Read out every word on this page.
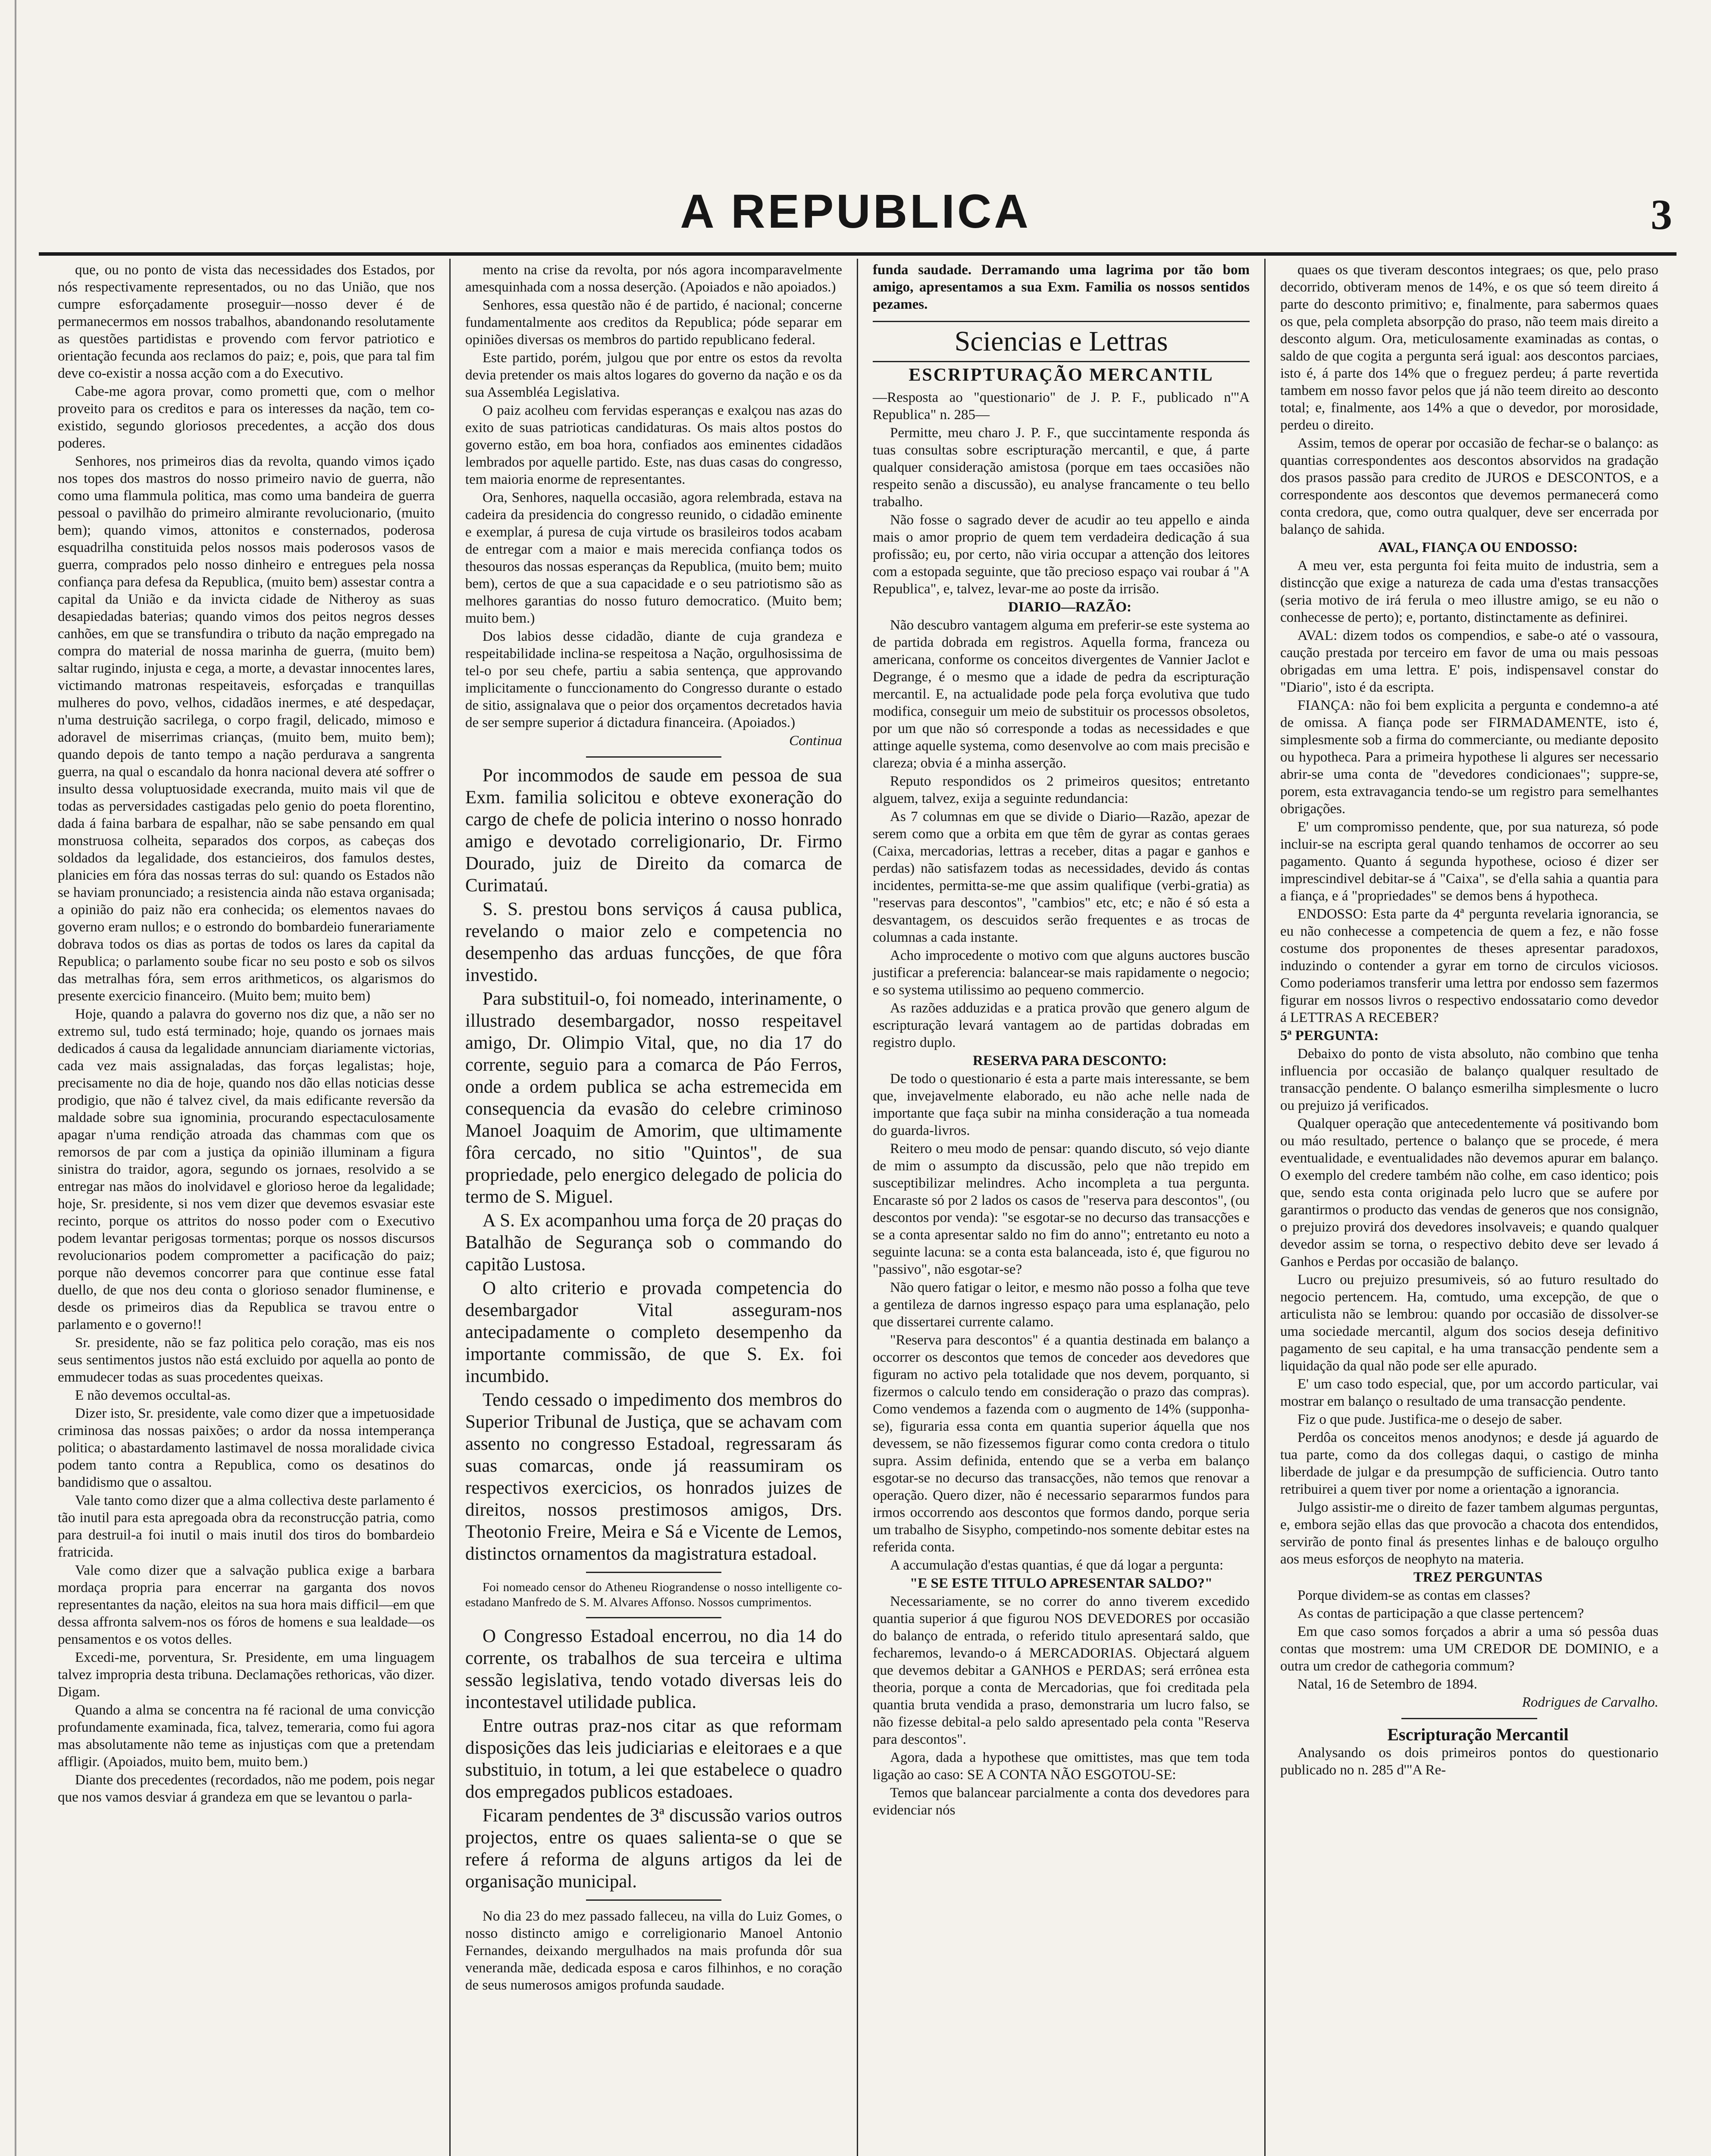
A REPUBLICA	3

que, ou no ponto de vista das necessidades dos Estados, por nós respectivamente representados, ou no das União, que nos cumpre esforçadamente proseguir—nosso dever é de permanecermos em nossos trabalhos, abandonando resolutamente as questões partidistas e provendo com fervor patriotico e orientação fecunda aos reclamos do paiz; e, pois, que para tal fim deve co-existir a nossa acção com a do Executivo.

Cabe-me agora provar, como prometti que, com o melhor proveito para os creditos e para os interesses da nação, tem co-existido, segundo gloriosos precedentes, a acção dos dous poderes.

Senhores, nos primeiros dias da revolta, quando vimos içado nos topes dos mastros do nosso primeiro navio de guerra, não como uma flammula politica, mas como uma bandeira de guerra pessoal o pavilhão do primeiro almirante revolucionario, (muito bem); quando vimos, attonitos e consternados, poderosa esquadrilha constituida pelos nossos mais poderosos vasos de guerra, comprados pelo nosso dinheiro e entregues pela nossa confiança para defesa da Republica, (muito bem) assestar contra a capital da União e da invicta cidade de Nitheroy as suas desapiedadas baterias; quando vimos dos peitos negros desses canhões, em que se transfundira o tributo da nação empregado na compra do material de nossa marinha de guerra, (muito bem) saltar rugindo, injusta e cega, a morte, a devastar innocentes lares, victimando matronas respeitaveis, esforçadas e tranquillas mulheres do povo, velhos, cidadãos inermes, e até despedaçar, n'uma destruição sacrilega, o corpo fragil, delicado, mimoso e adoravel de miserrimas crianças, (muito bem, muito bem); quando depois de tanto tempo a nação perdurava a sangrenta guerra, na qual o escandalo da honra nacional devera até soffrer o insulto dessa voluptuosidade execranda, muito mais vil que de todas as perversidades castigadas pelo genio do poeta florentino, dada á faina barbara de espalhar, não se sabe pensando em qual monstruosa colheita, separados dos corpos, as cabeças dos soldados da legalidade, dos estancieiros, dos famulos destes, planicies em fóra das nossas terras do sul: quando os Estados não se haviam pronunciado; a resistencia ainda não estava organisada; a opinião do paiz não era conhecida; os elementos navaes do governo eram nullos; e o estrondo do bombardeio funerariamente dobrava todos os dias as portas de todos os lares da capital da Republica; o parlamento soube ficar no seu posto e sob os silvos das metralhas fóra, sem erros arithmeticos, os algarismos do presente exercicio financeiro. (Muito bem; muito bem)

Hoje, quando a palavra do governo nos diz que, a não ser no extremo sul, tudo está terminado; hoje, quando os jornaes mais dedicados á causa da legalidade annunciam diariamente victorias, cada vez mais assignaladas, das forças legalistas; hoje, precisamente no dia de hoje, quando nos dão ellas noticias desse prodigio, que não é talvez civel, da mais edificante reversão da maldade sobre sua ignominia, procurando espectaculosamente apagar n'uma rendição atroada das chammas com que os remorsos de par com a justiça da opinião illuminam a figura sinistra do traidor, agora, segundo os jornaes, resolvido a se entregar nas mãos do inolvidavel e glorioso heroe da legalidade; hoje, Sr. presidente, si nos vem dizer que devemos esvasiar este recinto, porque os attritos do nosso poder com o Executivo podem levantar perigosas tormentas; porque os nossos discursos revolucionarios podem comprometter a pacificação do paiz; porque não devemos concorrer para que continue esse fatal duello, de que nos deu conta o glorioso senador fluminense, e desde os primeiros dias da Republica se travou entre o parlamento e o governo!!

Sr. presidente, não se faz politica pelo coração, mas eis nos seus sentimentos justos não está excluido por aquella ao ponto de emmudecer todas as suas procedentes queixas.

E não devemos occultal-as.

Dizer isto, Sr. presidente, vale como dizer que a impetuosidade criminosa das nossas paixões; o ardor da nossa intemperança politica; o abastardamento lastimavel de nossa moralidade civica podem tanto contra a Republica, como os desatinos do bandidismo que o assaltou.

Vale tanto como dizer que a alma collectiva deste parlamento é tão inutil para esta apregoada obra da reconstrucção patria, como para destruil-a foi inutil o mais inutil dos tiros do bombardeio fratricida.

Vale como dizer que a salvação publica exige a barbara mordaça propria para encerrar na garganta dos novos representantes da nação, eleitos na sua hora mais difficil—em que dessa affronta salvem-nos os fóros de homens e sua lealdade—os pensamentos e os votos delles.

Excedi-me, porventura, Sr. Presidente, em uma linguagem talvez impropria desta tribuna. Declamações rethoricas, vão dizer. Digam.

Quando a alma se concentra na fé racional de uma convicção profundamente examinada, fica, talvez, temeraria, como fui agora mas absolutamente não teme as injustiças com que a pretendam affligir. (Apoiados, muito bem, muito bem.)

Diante dos precedentes (recordados, não me podem, pois negar que nos vamos desviar á grandeza em que se levantou o parla-

mento na crise da revolta, por nós agora incomparavelmente amesquinhada com a nossa deserção. (Apoiados e não apoiados.)

Senhores, essa questão não é de partido, é nacional; concerne fundamentalmente aos creditos da Republica; póde separar em opiniões diversas os membros do partido republicano federal.

Este partido, porém, julgou que por entre os estos da revolta devia pretender os mais altos logares do governo da nação e os da sua Assembléa Legislativa.

O paiz acolheu com fervidas esperanças e exalçou nas azas do exito de suas patrioticas candidaturas. Os mais altos postos do governo estão, em boa hora, confiados aos eminentes cidadãos lembrados por aquelle partido. Este, nas duas casas do congresso, tem maioria enorme de representantes.

Ora, Senhores, naquella occasião, agora relembrada, estava na cadeira da presidencia do congresso reunido, o cidadão eminente e exemplar, á puresa de cuja virtude os brasileiros todos acabam de entregar com a maior e mais merecida confiança todos os thesouros das nossas esperanças da Republica, (muito bem; muito bem), certos de que a sua capacidade e o seu patriotismo são as melhores garantias do nosso futuro democratico. (Muito bem; muito bem.)

Dos labios desse cidadão, diante de cuja grandeza e respeitabilidade inclina-se respeitosa a Nação, orgulhosissima de tel-o por seu chefe, partiu a sabia sentença, que approvando implicitamente o funccionamento do Congresso durante o estado de sitio, assignalava que o peior dos orçamentos decretados havia de ser sempre superior á dictadura financeira. (Apoiados.)

Continua

Por incommodos de saude em pessoa de sua Exm. familia solicitou e obteve exoneração do cargo de chefe de policia interino o nosso honrado amigo e devotado correligionario, Dr. Firmo Dourado, juiz de Direito da comarca de Curimataú.

S. S. prestou bons serviços á causa publica, revelando o maior zelo e competencia no desempenho das arduas funcções, de que fôra investido.

Para substituil-o, foi nomeado, interinamente, o illustrado desembargador, nosso respeitavel amigo, Dr. Olimpio Vital, que, no dia 17 do corrente, seguio para a comarca de Páo Ferros, onde a ordem publica se acha estremecida em consequencia da evasão do celebre criminoso Manoel Joaquim de Amorim, que ultimamente fôra cercado, no sitio "Quintos", de sua propriedade, pelo energico delegado de policia do termo de S. Miguel.

A S. Ex acompanhou uma força de 20 praças do Batalhão de Segurança sob o commando do capitão Lustosa.

O alto criterio e provada competencia do desembargador Vital asseguram-nos antecipadamente o completo desempenho da importante commissão, de que S. Ex. foi incumbido.

Tendo cessado o impedimento dos membros do Superior Tribunal de Justiça, que se achavam com assento no congresso Estadoal, regressaram ás suas comarcas, onde já reassumiram os respectivos exercicios, os honrados juizes de direitos, nossos prestimosos amigos, Drs. Theotonio Freire, Meira e Sá e Vicente de Lemos, distinctos ornamentos da magistratura estadoal.

Foi nomeado censor do Atheneu Riograndense o nosso intelligente co-estadano Manfredo de S. M. Alvares Affonso. Nossos cumprimentos.

O Congresso Estadoal encerrou, no dia 14 do corrente, os trabalhos de sua terceira e ultima sessão legislativa, tendo votado diversas leis do incontestavel utilidade publica.

Entre outras praz-nos citar as que reformam disposições das leis judiciarias e eleitoraes e a que substituio, in totum, a lei que estabelece o quadro dos empregados publicos estadoaes.

Ficaram pendentes de 3ª discussão varios outros projectos, entre os quaes salienta-se o que se refere á reforma de alguns artigos da lei de organisação municipal.

No dia 23 do mez passado falleceu, na villa do Luiz Gomes, o nosso distincto amigo e correligionario Manoel Antonio Fernandes, deixando mergulhados na mais profunda dôr sua veneranda mãe, dedicada esposa e caros filhinhos, e no coração de seus numerosos amigos profunda saudade.

funda saudade. Derramando uma lagrima por tão bom amigo, apresentamos a sua Exm. Familia os nossos sentidos pezames.

Sciencias e Lettras
ESCRIPTURAÇÃO MERCANTIL

—Resposta ao "questionario" de J. P. F., publicado n'"A Republica" n. 285—

Permitte, meu charo J. P. F., que succintamente responda ás tuas consultas sobre escripturação mercantil, e que, á parte qualquer consideração amistosa (porque em taes occasiões não respeito senão a discussão), eu analyse francamente o teu bello trabalho.

Não fosse o sagrado dever de acudir ao teu appello e ainda mais o amor proprio de quem tem verdadeira dedicação á sua profissão; eu, por certo, não viria occupar a attenção dos leitores com a estopada seguinte, que tão precioso espaço vai roubar á "A Republica", e, talvez, levar-me ao poste da irrisão.

DIARIO—RAZÃO:

Não descubro vantagem alguma em preferir-se este systema ao de partida dobrada em registros. Aquella forma, franceza ou americana, conforme os conceitos divergentes de Vannier Jaclot e Degrange, é o mesmo que a idade de pedra da escripturação mercantil. E, na actualidade pode pela força evolutiva que tudo modifica, conseguir um meio de substituir os processos obsoletos, por um que não só corresponde a todas as necessidades e que attinge aquelle systema, como desenvolve ao com mais precisão e clareza; obvia é a minha asserção.

Reputo respondidos os 2 primeiros quesitos; entretanto alguem, talvez, exija a seguinte redundancia:

As 7 columnas em que se divide o Diario—Razão, apezar de serem como que a orbita em que têm de gyrar as contas geraes (Caixa, mercadorias, lettras a receber, ditas a pagar e ganhos e perdas) não satisfazem todas as necessidades, devido ás contas incidentes, permitta-se-me que assim qualifique (verbi-gratia) as "reservas para descontos", "cambios" etc, etc; e não é só esta a desvantagem, os descuidos serão frequentes e as trocas de columnas a cada instante.

Acho improcedente o motivo com que alguns auctores buscão justificar a preferencia: balancear-se mais rapidamente o negocio; e so systema utilissimo ao pequeno commercio.

As razões adduzidas e a pratica provão que genero algum de escripturação levará vantagem ao de partidas dobradas em registro duplo.

RESERVA PARA DESCONTO:

De todo o questionario é esta a parte mais interessante, se bem que, invejavelmente elaborado, eu não ache nelle nada de importante que faça subir na minha consideração a tua nomeada do guarda-livros.

Reitero o meu modo de pensar: quando discuto, só vejo diante de mim o assumpto da discussão, pelo que não trepido em susceptibilizar melindres. Acho incompleta a tua pergunta. Encaraste só por 2 lados os casos de "reserva para descontos", (ou descontos por venda): "se esgotar-se no decurso das transacções e se a conta apresentar saldo no fim do anno"; entretanto eu noto a seguinte lacuna: se a conta esta balanceada, isto é, que figurou no "passivo", não esgotar-se?

Não quero fatigar o leitor, e mesmo não posso a folha que teve a gentileza de darnos ingresso espaço para uma esplanação, pelo que dissertarei currente calamo.

"Reserva para descontos" é a quantia destinada em balanço a occorrer os descontos que temos de conceder aos devedores que figuram no activo pela totalidade que nos devem, porquanto, si fizermos o calculo tendo em consideração o prazo das compras). Como vendemos a fazenda com o augmento de 14% (supponha-se), figuraria essa conta em quantia superior áquella que nos devessem, se não fizessemos figurar como conta credora o titulo supra. Assim definida, entendo que se a verba em balanço esgotar-se no decurso das transacções, não temos que renovar a operação. Quero dizer, não é necessario separarmos fundos para irmos occorrendo aos descontos que formos dando, porque seria um trabalho de Sisypho, competindo-nos somente debitar estes na referida conta.

A accumulação d'estas quantias, é que dá logar a pergunta:

"E SE ESTE TITULO APRESENTAR SALDO?"

Necessariamente, se no correr do anno tiverem excedido quantia superior á que figurou NOS DEVEDORES por occasião do balanço de entrada, o referido titulo apresentará saldo, que fecharemos, levando-o á MERCADORIAS. Objectará alguem que devemos debitar a GANHOS e PERDAS; será errônea esta theoria, porque a conta de Mercadorias, que foi creditada pela quantia bruta vendida a praso, demonstraria um lucro falso, se não fizesse debital-a pelo saldo apresentado pela conta "Reserva para descontos".

Agora, dada a hypothese que omittistes, mas que tem toda ligação ao caso: SE A CONTA NÃO ESGOTOU-SE:

Temos que balancear parcialmente a conta dos devedores para evidenciar nós

quaes os que tiveram descontos integraes; os que, pelo praso decorrido, obtiveram menos de 14%, e os que só teem direito á parte do desconto primitivo; e, finalmente, para sabermos quaes os que, pela completa absorpção do praso, não teem mais direito a desconto algum. Ora, meticulosamente examinadas as contas, o saldo de que cogita a pergunta será igual: aos descontos parciaes, isto é, á parte dos 14% que o freguez perdeu; á parte revertida tambem em nosso favor pelos que já não teem direito ao desconto total; e, finalmente, aos 14% a que o devedor, por morosidade, perdeu o direito.

Assim, temos de operar por occasião de fechar-se o balanço: as quantias correspondentes aos descontos absorvidos na gradação dos prasos passão para credito de JUROS e DESCONTOS, e a correspondente aos descontos que devemos permanecerá como conta credora, que, como outra qualquer, deve ser encerrada por balanço de sahida.

AVAL, FIANÇA OU ENDOSSO:

A meu ver, esta pergunta foi feita muito de industria, sem a distincção que exige a natureza de cada uma d'estas transacções (seria motivo de irá ferula o meo illustre amigo, se eu não o conhecesse de perto); e, portanto, distinctamente as definirei.

AVAL: dizem todos os compendios, e sabe-o até o vassoura, caução prestada por terceiro em favor de uma ou mais pessoas obrigadas em uma lettra. E' pois, indispensavel constar do "Diario", isto é da escripta.

FIANÇA: não foi bem explicita a pergunta e condemno-a até de omissa. A fiança pode ser FIRMADAMENTE, isto é, simplesmente sob a firma do commerciante, ou mediante deposito ou hypotheca. Para a primeira hypothese li algures ser necessario abrir-se uma conta de "devedores condicionaes"; suppre-se, porem, esta extravagancia tendo-se um registro para semelhantes obrigações.

E' um compromisso pendente, que, por sua natureza, só pode incluir-se na escripta geral quando tenhamos de occorrer ao seu pagamento. Quanto á segunda hypothese, ocioso é dizer ser imprescindivel debitar-se á "Caixa", se d'ella sahia a quantia para a fiança, e á "propriedades" se demos bens á hypotheca.

ENDOSSO: Esta parte da 4ª pergunta revelaria ignorancia, se eu não conhecesse a competencia de quem a fez, e não fosse costume dos proponentes de theses apresentar paradoxos, induzindo o contender a gyrar em torno de circulos viciosos. Como poderiamos transferir uma lettra por endosso sem fazermos figurar em nossos livros o respectivo endossatario como devedor á LETTRAS A RECEBER?

5ª PERGUNTA:

Debaixo do ponto de vista absoluto, não combino que tenha influencia por occasião de balanço qualquer resultado de transacção pendente. O balanço esmerilha simplesmente o lucro ou prejuizo já verificados.

Qualquer operação que antecedentemente vá positivando bom ou máo resultado, pertence o balanço que se procede, é mera eventualidade, e eventualidades não devemos apurar em balanço. O exemplo del credere também não colhe, em caso identico; pois que, sendo esta conta originada pelo lucro que se aufere por garantirmos o producto das vendas de generos que nos consignão, o prejuizo provirá dos devedores insolvaveis; e quando qualquer devedor assim se torna, o respectivo debito deve ser levado á Ganhos e Perdas por occasião de balanço.

Lucro ou prejuizo presumiveis, só ao futuro resultado do negocio pertencem. Ha, comtudo, uma excepção, de que o articulista não se lembrou: quando por occasião de dissolver-se uma sociedade mercantil, algum dos socios deseja definitivo pagamento de seu capital, e ha uma transacção pendente sem a liquidação da qual não pode ser elle apurado.

E' um caso todo especial, que, por um accordo particular, vai mostrar em balanço o resultado de uma transacção pendente.

Fiz o que pude. Justifica-me o desejo de saber.

Perdôa os conceitos menos anodynos; e desde já aguardo de tua parte, como da dos collegas daqui, o castigo de minha liberdade de julgar e da presumpção de sufficiencia. Outro tanto retribuirei a quem tiver por nome a orientação a ignorancia.

Julgo assistir-me o direito de fazer tambem algumas perguntas, e, embora sejão ellas das que provocão a chacota dos entendidos, servirão de ponto final ás presentes linhas e de balouço orgulho aos meus esforços de neophyto na materia.

TREZ PERGUNTAS

Porque dividem-se as contas em classes?

As contas de participação a que classe pertencem?

Em que caso somos forçados a abrir a uma só pessôa duas contas que mostrem: uma UM CREDOR DE DOMINIO, e a outra um credor de cathegoria commum?

Natal, 16 de Setembro de 1894.

Rodrigues de Carvalho.

Escripturação Mercantil

Analysando os dois primeiros pontos do questionario publicado no n. 285 d'"A Re-
